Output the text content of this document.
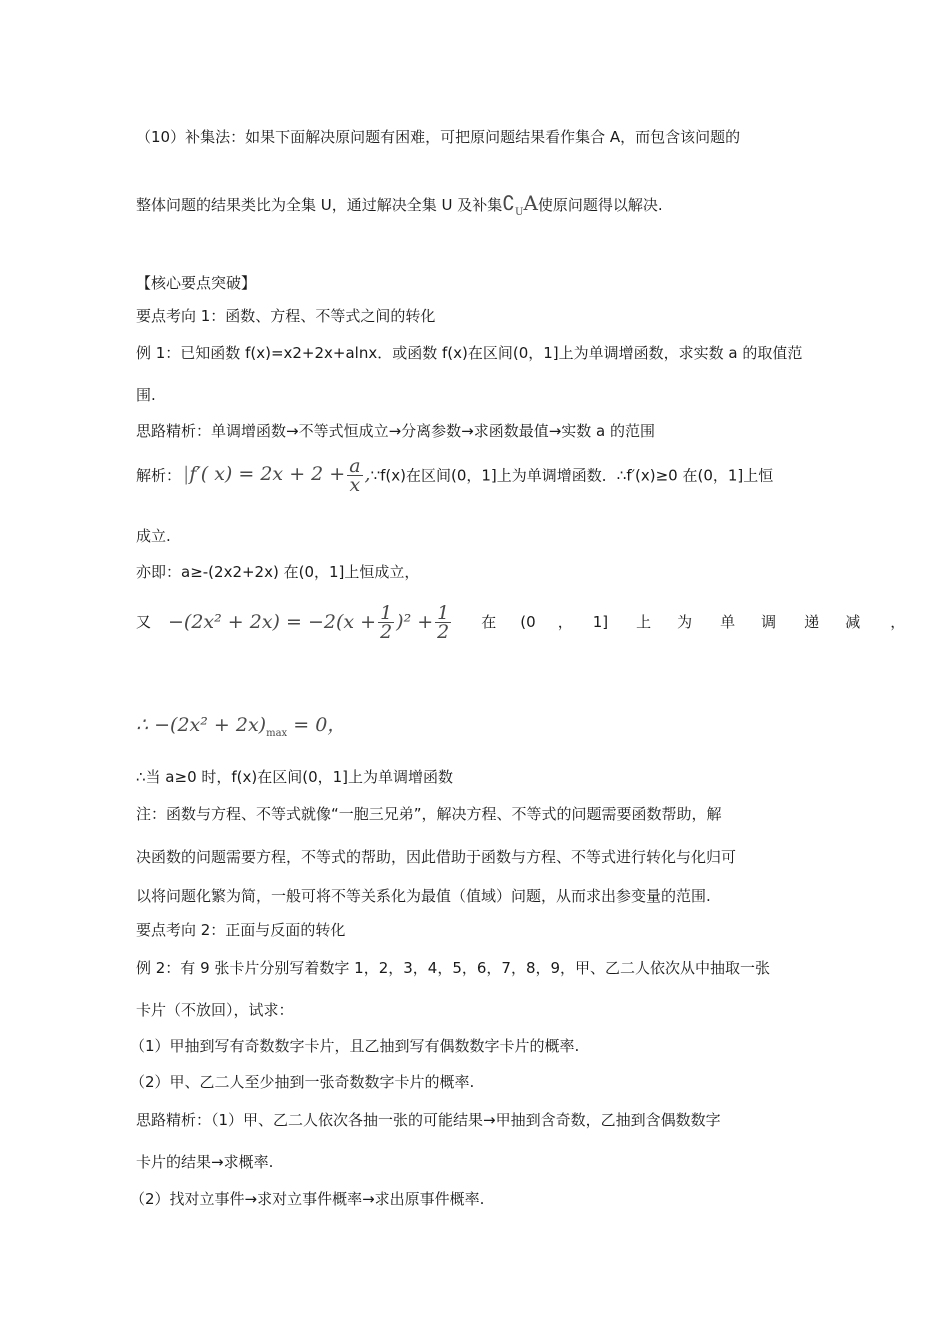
（10）补集法：如果下面解决原问题有困难，可把原问题结果看作集合 A，而包含该问题的
整体问题的结果类比为全集 U，通过解决全集 U 及补集$∁_UA$使原问题得以解决.
【核心要点突破】
要点考向 1：函数、方程、不等式之间的转化
例 1：已知函数 f(x)=x2+2x+alnx．或函数 f(x)在区间(0，1]上为单调增函数，求实数 a 的取值范
围.
思路精析：单调增函数→不等式恒成立→分离参数→求函数最值→实数 a 的范围
解析： |f′( $x) = 2x + 2 + \frac{a}{x}$ ,∵f(x)在区间(0，1]上为单调增函数．∴f′(x)≥0 在(0，1]上恒
成立.
亦即：a≥-(2x2+2x) 在(0，1]上恒成立，
又 $-(2x^2 + 2x) = -2(x + \frac{1}{2} )^2 + \frac{1}{2}$ 在 (0 ， 1] 上 为 单 调 递 减 ，
∴ $-(2x^2 + 2x)_{max} = 0$，
∴当 a≥0 时，f(x)在区间(0，1]上为单调增函数
注：函数与方程、不等式就像“一胞三兄弟”，解决方程、不等式的问题需要函数帮助，解
决函数的问题需要方程，不等式的帮助，因此借助于函数与方程、不等式进行转化与化归可
以将问题化繁为简，一般可将不等关系化为最值（值域）问题，从而求出参变量的范围.
要点考向 2：正面与反面的转化
例 2：有 9 张卡片分别写着数字 1，2，3，4，5，6，7，8，9，甲、乙二人依次从中抽取一张
卡片（不放回），试求：
（1）甲抽到写有奇数数字卡片，且乙抽到写有偶数数字卡片的概率.
（2）甲、乙二人至少抽到一张奇数数字卡片的概率.
思路精析：（1）甲、乙二人依次各抽一张的可能结果→甲抽到含奇数，乙抽到含偶数数字
卡片的结果→求概率.
（2）找对立事件→求对立事件概率→求出原事件概率.
